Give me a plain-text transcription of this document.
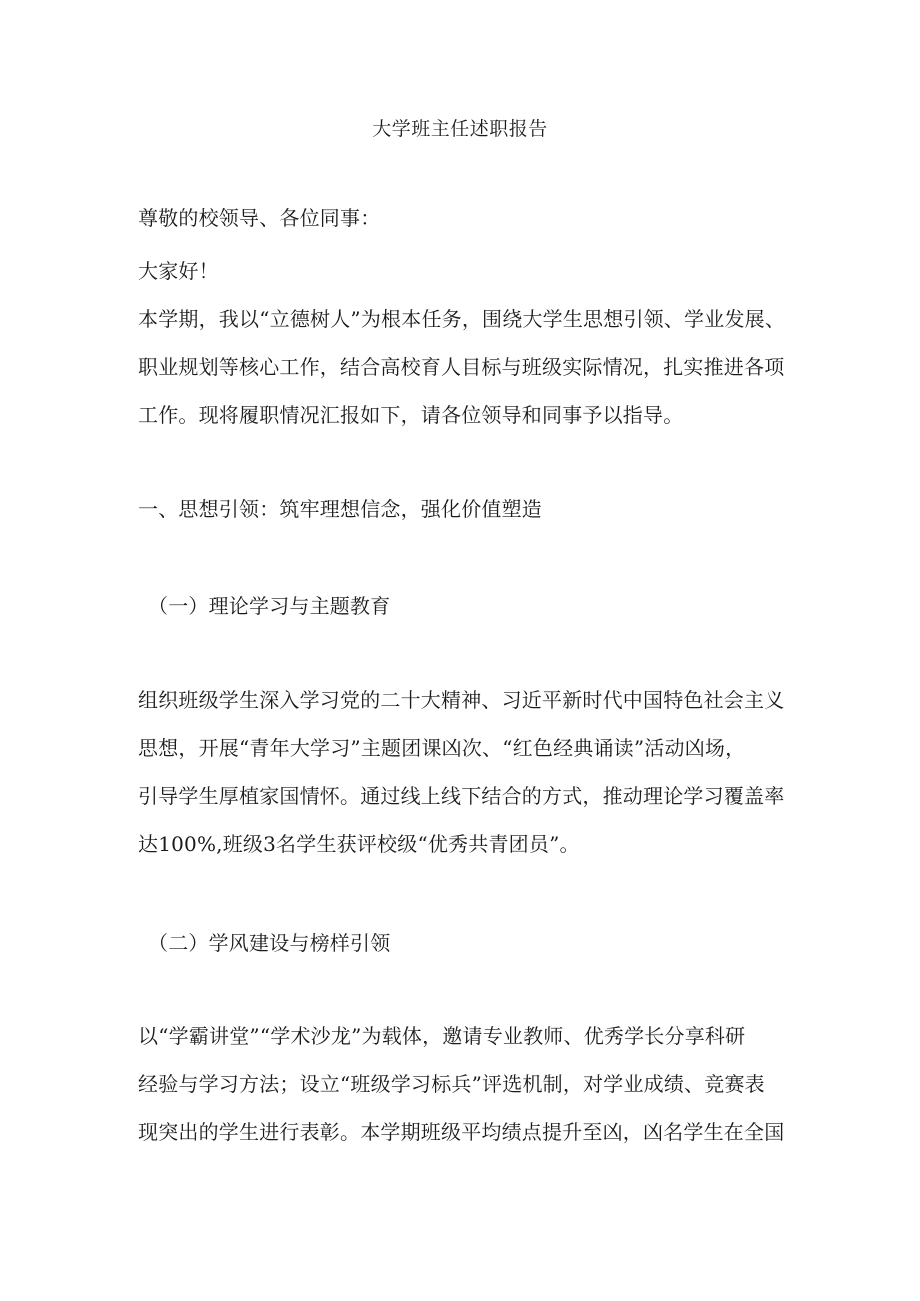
大学班主任述职报告
尊敬的校领导、各位同事：
大家好！
本学期，我以“立德树人”为根本任务，围绕大学生思想引领、学业发展、
职业规划等核心工作，结合高校育人目标与班级实际情况，扎实推进各项
工作。现将履职情况汇报如下，请各位领导和同事予以指导。
一、思想引领：筑牢理想信念，强化价值塑造
（一）理论学习与主题教育
组织班级学生深入学习党的二十大精神、习近平新时代中国特色社会主义
思想，开展“青年大学习”主题团课凶次、“红色经典诵读”活动凶场，
引导学生厚植家国情怀。通过线上线下结合的方式，推动理论学习覆盖率
达100%,班级3名学生获评校级“优秀共青团员”。
（二）学风建设与榜样引领
以“学霸讲堂”“学术沙龙”为载体，邀请专业教师、优秀学长分享科研
经验与学习方法；设立“班级学习标兵”评选机制，对学业成绩、竞赛表
现突出的学生进行表彰。本学期班级平均绩点提升至凶，凶名学生在全国
